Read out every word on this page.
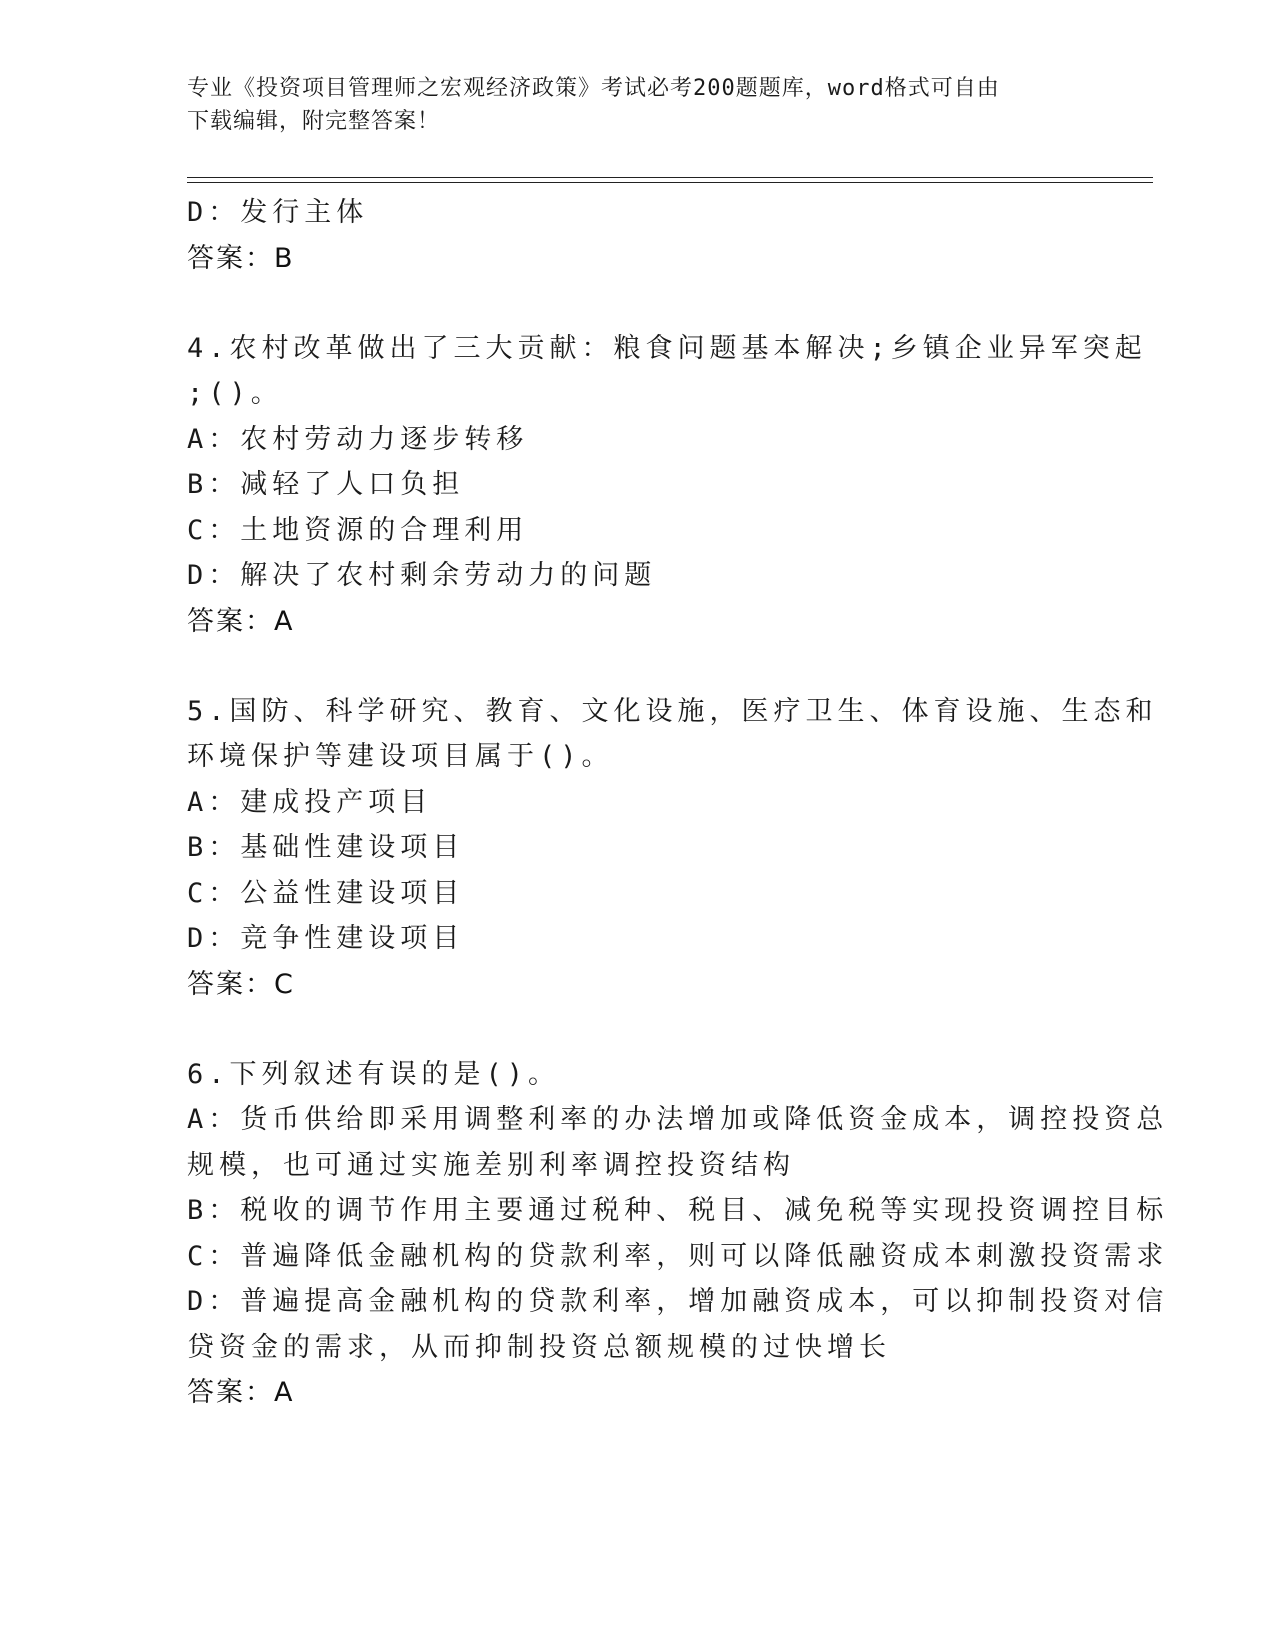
专业《投资项目管理师之宏观经济政策》考试必考200题题库，word格式可自由
下载编辑，附完整答案！
D：发行主体
答案：B
4.农村改革做出了三大贡献：粮食问题基本解决;乡镇企业异军突起
;()。
A：农村劳动力逐步转移
B：减轻了人口负担
C：土地资源的合理利用
D：解决了农村剩余劳动力的问题
答案：A
5.国防、科学研究、教育、文化设施，医疗卫生、体育设施、生态和
环境保护等建设项目属于()。
A：建成投产项目
B：基础性建设项目
C：公益性建设项目
D：竞争性建设项目
答案：C
6.下列叙述有误的是()。
A：货币供给即采用调整利率的办法增加或降低资金成本，调控投资总
规模，也可通过实施差别利率调控投资结构
B：税收的调节作用主要通过税种、税目、减免税等实现投资调控目标
C：普遍降低金融机构的贷款利率，则可以降低融资成本刺激投资需求
D：普遍提高金融机构的贷款利率，增加融资成本，可以抑制投资对信
贷资金的需求，从而抑制投资总额规模的过快增长
答案：A
